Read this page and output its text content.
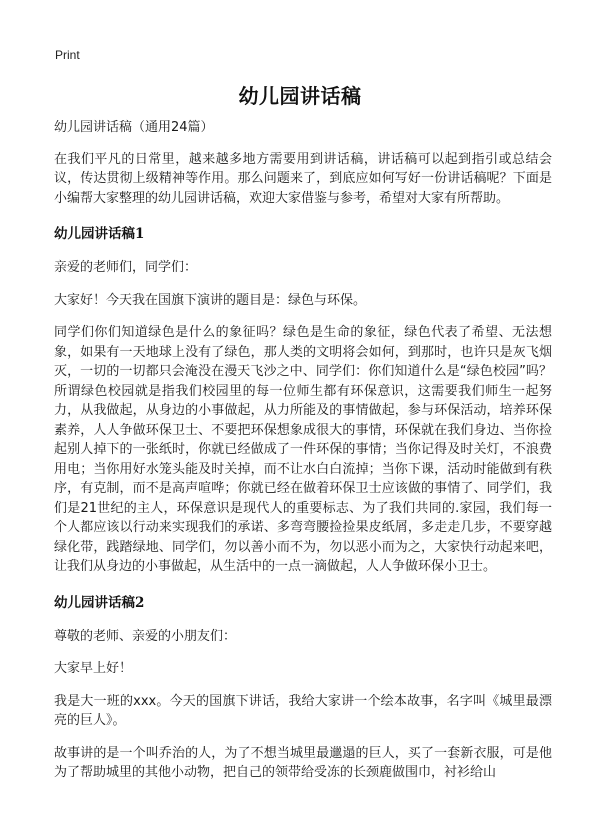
Print
幼儿园讲话稿

幼儿园讲话稿（通用24篇）

在我们平凡的日常里，越来越多地方需要用到讲话稿，讲话稿可以起到指引或总结会议，传达贯彻上级精神等作用。那么问题来了，到底应如何写好一份讲话稿呢？下面是小编帮大家整理的幼儿园讲话稿，欢迎大家借鉴与参考，希望对大家有所帮助。

幼儿园讲话稿1

亲爱的老师们，同学们：

大家好！今天我在国旗下演讲的题目是：绿色与环保。

同学们你们知道绿色是什么的象征吗？绿色是生命的象征，绿色代表了希望、无法想象，如果有一天地球上没有了绿色，那人类的文明将会如何，到那时，也许只是灰飞烟灭，一切的一切都只会淹没在漫天飞沙之中、同学们：你们知道什么是“绿色校园”吗？所谓绿色校园就是指我们校园里的每一位师生都有环保意识，这需要我们师生一起努力，从我做起，从身边的小事做起，从力所能及的事情做起，参与环保活动，培养环保素养，人人争做环保卫士、不要把环保想象成很大的事情，环保就在我们身边、当你捡起别人掉下的一张纸时，你就已经做成了一件环保的事情；当你记得及时关灯，不浪费用电；当你用好水笼头能及时关掉，而不让水白白流掉；当你下课，活动时能做到有秩序，有克制，而不是高声喧哗；你就已经在做着环保卫士应该做的事情了、同学们，我们是21世纪的主人，环保意识是现代人的重要标志、为了我们共同的.家园，我们每一个人都应该以行动来实现我们的承诺、多弯弯腰捡捡果皮纸屑，多走走几步，不要穿越绿化带，践踏绿地、同学们，勿以善小而不为，勿以恶小而为之，大家快行动起来吧，让我们从身边的小事做起，从生活中的一点一滴做起，人人争做环保小卫士。

幼儿园讲话稿2

尊敬的老师、亲爱的小朋友们：

大家早上好！

我是大一班的xxx。今天的国旗下讲话，我给大家讲一个绘本故事，名字叫《城里最漂亮的巨人》。

故事讲的是一个叫乔治的人，为了不想当城里最邋遢的巨人，买了一套新衣服，可是他为了帮助城里的其他小动物，把自己的领带给受冻的长颈鹿做围巾，衬衫给山
